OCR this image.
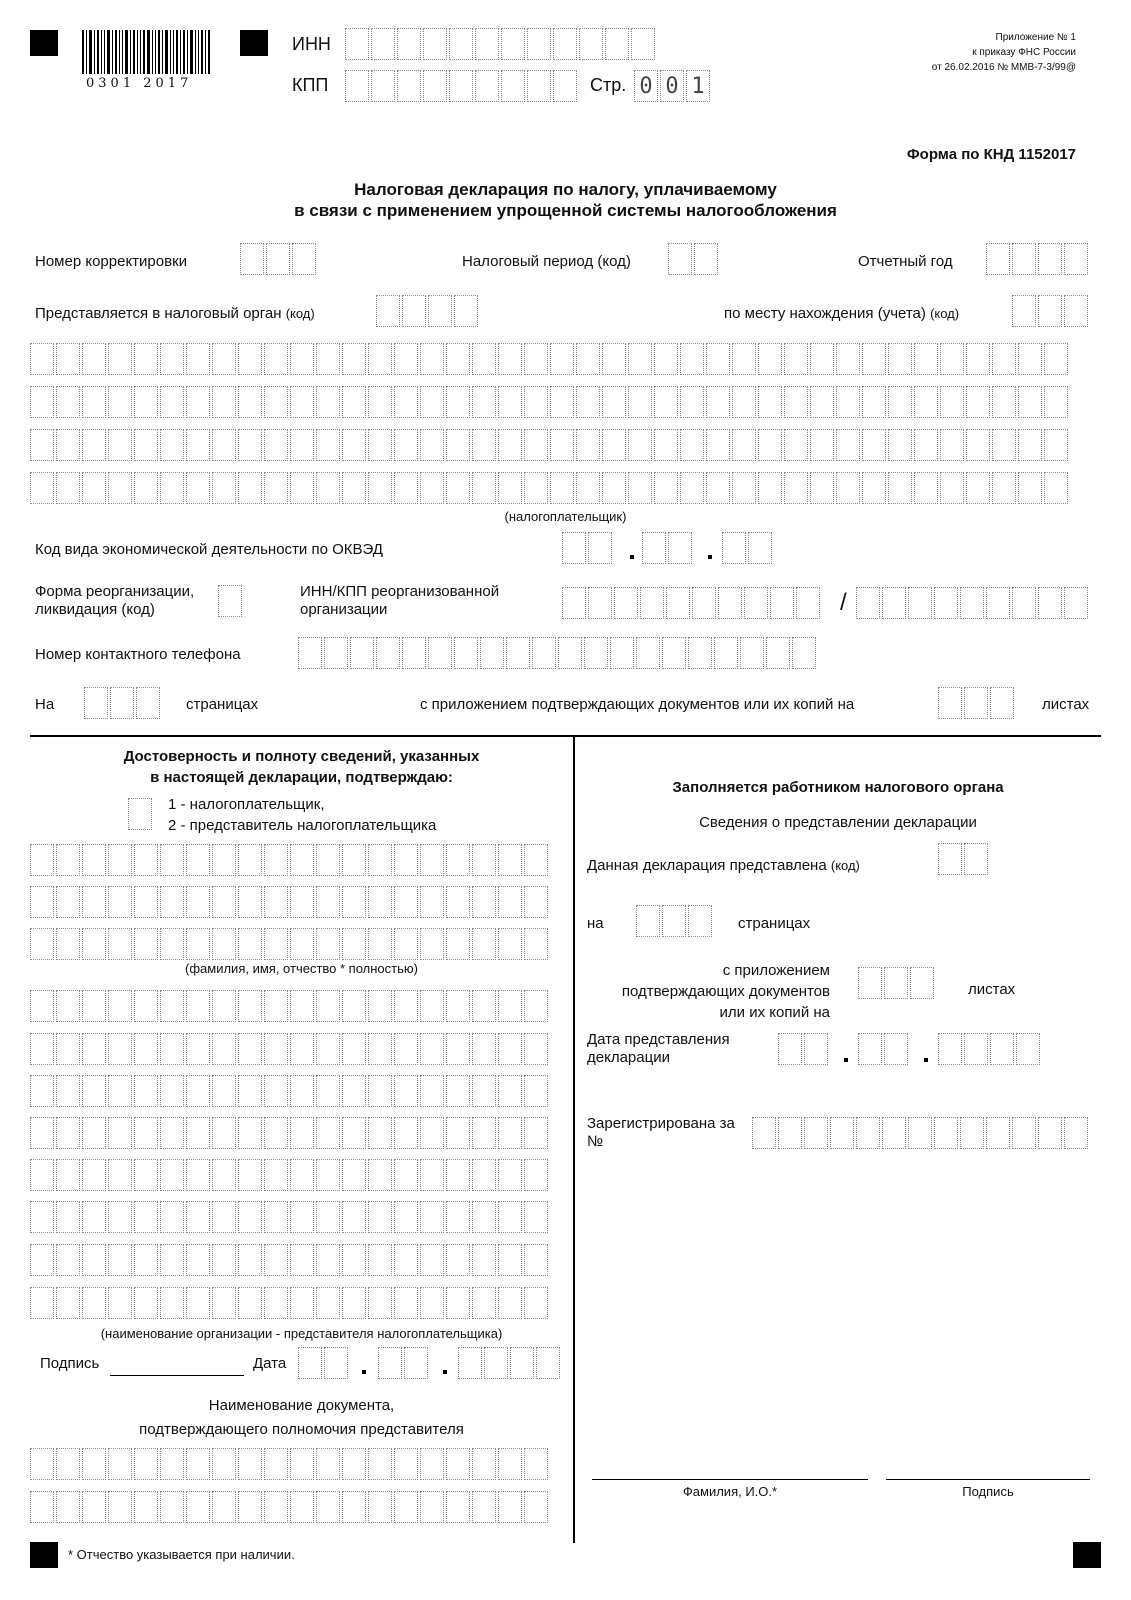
0301 2017
ИНН
КПП	Стр. 0 0 1
Приложение № 1
к приказу ФНС России
от 26.02.2016 № ММВ-7-3/99@
Форма по КНД 1152017
Налоговая декларация по налогу, уплачиваемому
в связи с применением упрощенной системы налогообложения
Номер корректировки	Налоговый период (код)	Отчетный год
Представляется в налоговый орган (код)	по месту нахождения (учета) (код)
(налогоплательщик)
Код вида экономической деятельности по ОКВЭД
Форма реорганизации, ликвидация (код)
ИНН/КПП реорганизованной организации	/
Номер контактного телефона
На	страницах	с приложением подтверждающих документов или их копий на	листах
Достоверность и полноту сведений, указанных
в настоящей декларации, подтверждаю:
1 - налогоплательщик,
2 - представитель налогоплательщика
(фамилия, имя, отчество * полностью)
(наименование организации - представителя налогоплательщика)
Подпись	Дата
Наименование документа,
подтверждающего полномочия представителя
* Отчество указывается при наличии.
Заполняется работником налогового органа
Сведения о представлении декларации
Данная декларация представлена (код)
на	страницах
с приложением
подтверждающих документов
или их копий на
листах
Дата представления декларации
Зарегистрирована за №
Фамилия, И.О.*	Подпись
